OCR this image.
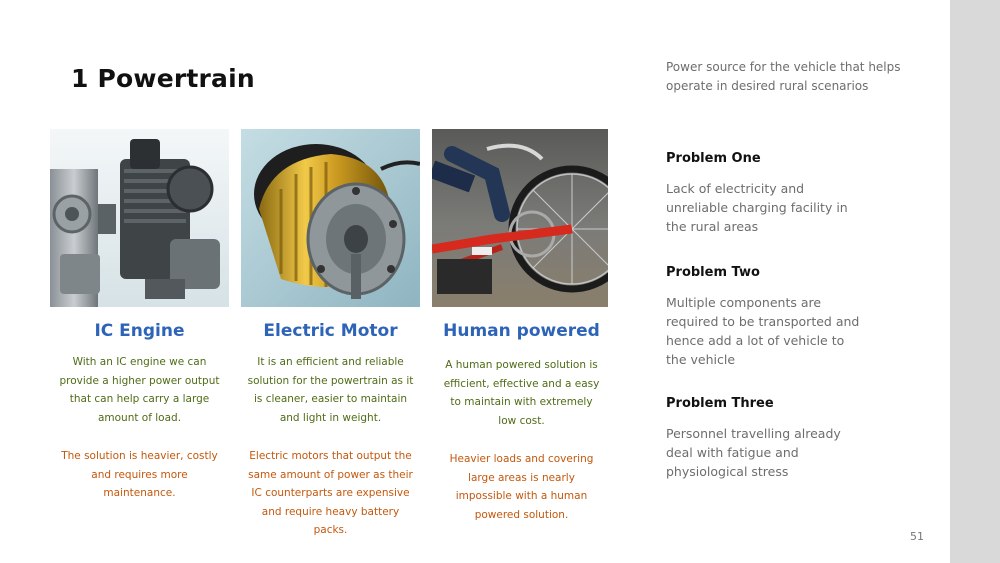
1 Powertrain	Power source for the vehicle that helps operate in desired rural scenarios
IC Engine
With an IC engine we can provide a higher power output that can help carry a large amount of load.
The solution is heavier, costly and requires more maintenance.
Electric Motor
It is an efficient and reliable solution for the powertrain as it is cleaner, easier to maintain and light in weight.
Electric motors that output the same amount of power as their IC counterparts are expensive and require heavy battery packs.
Human powered
A human powered solution is efficient, effective and a easy to maintain with extremely low cost.
Heavier loads and covering large areas is nearly impossible with a human powered solution.
Problem One
Lack of electricity and unreliable charging facility in the rural areas
Problem Two
Multiple components are required to be transported and hence add a lot of vehicle to the vehicle
Problem Three
Personnel travelling already deal with fatigue and physiological stress
51
